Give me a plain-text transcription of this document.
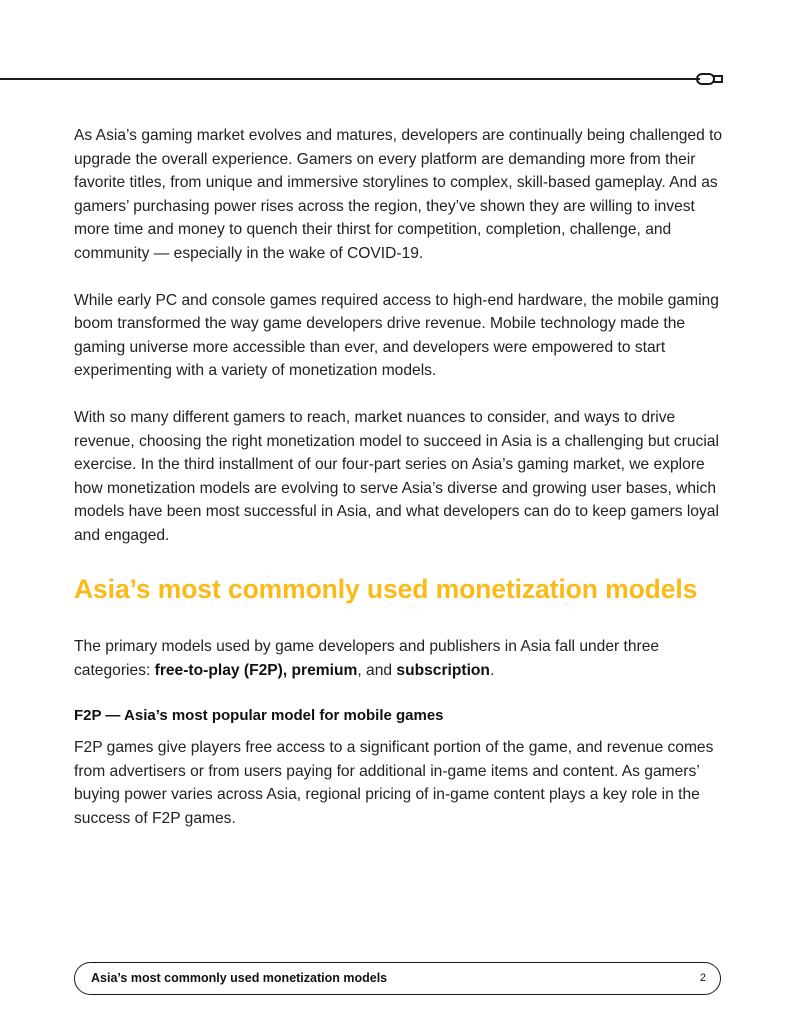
As Asia’s gaming market evolves and matures, developers are continually being challenged to upgrade the overall experience. Gamers on every platform are demanding more from their favorite titles, from unique and immersive storylines to complex, skill-based gameplay. And as gamers’ purchasing power rises across the region, they’ve shown they are willing to invest more time and money to quench their thirst for competition, completion, challenge, and community — especially in the wake of COVID-19.

While early PC and console games required access to high-end hardware, the mobile gaming boom transformed the way game developers drive revenue. Mobile technology made the gaming universe more accessible than ever, and developers were empowered to start experimenting with a variety of monetization models.

With so many different gamers to reach, market nuances to consider, and ways to drive revenue, choosing the right monetization model to succeed in Asia is a challenging but crucial exercise. In the third installment of our four-part series on Asia’s gaming market, we explore how monetization models are evolving to serve Asia’s diverse and growing user bases, which models have been most successful in Asia, and what developers can do to keep gamers loyal and engaged.

Asia’s most commonly used monetization models

The primary models used by game developers and publishers in Asia fall under three categories: free-to-play (F2P), premium, and subscription.

F2P — Asia’s most popular model for mobile games

F2P games give players free access to a significant portion of the game, and revenue comes from advertisers or from users paying for additional in-game items and content. As gamers’ buying power varies across Asia, regional pricing of in-game content plays a key role in the success of F2P games.

Asia’s most commonly used monetization models	2
